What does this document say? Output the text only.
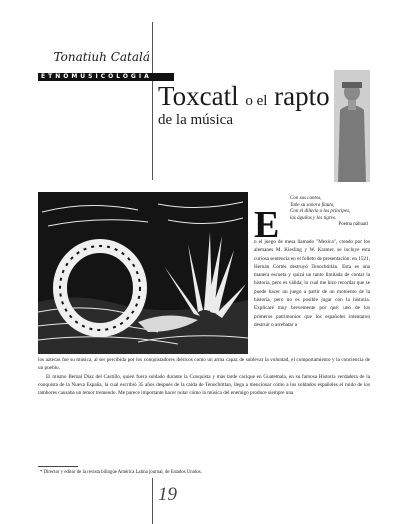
Tonatiuh Catalá
ETNOMUSICOLOGÍA
Toxcatl o el rapto
de la música
Con sus cantos,
Tañe su sonora flauta,
Con el diluvio a los príncipes,
las águilas y los tigres.
Poema náhuatl
E

n el juego de mesa llamado "Mexica", creado por los alemanes M. Kiesling y W. Kramer, se incluye esta curiosa sentencia en el folleto de presentación: en 1521, Hernán Cortés destruyó Tenochtitlán. Esta es una manera escueta y quizá un tanto limitada de contar la historia, pero es válida; lo cual me hizo recordar que se puede hacer un juego a partir de un momento de la historia, pero no es posible jugar con la historia. Explicaré muy brevemente por qué: uno de los primeros patrimonios que los españoles intentaron destruir o arrebatar a

los aztecas fue su música, al ser percibida por los conquistadores ibéricos como un arma capaz de sublevar la voluntad, el comportamiento y la conciencia de un pueblo.

El mismo Bernal Díaz del Castillo, quien fuera soldado durante la Conquista y más tarde cacique en Guatemala, en su famosa Historia verdadera de la conquista de la Nueva España, la cual escribió 35 años después de la caída de Tenochtitlan, llega a mencionar cómo a los soldados españoles el ruido de los tambores causaba un temor tremendo. Me parece importante hacer notar cómo la música del enemigo produce siempre una

* Director y editor de la revista bilingüe América Latina journal, de Estados Unidos.
19
